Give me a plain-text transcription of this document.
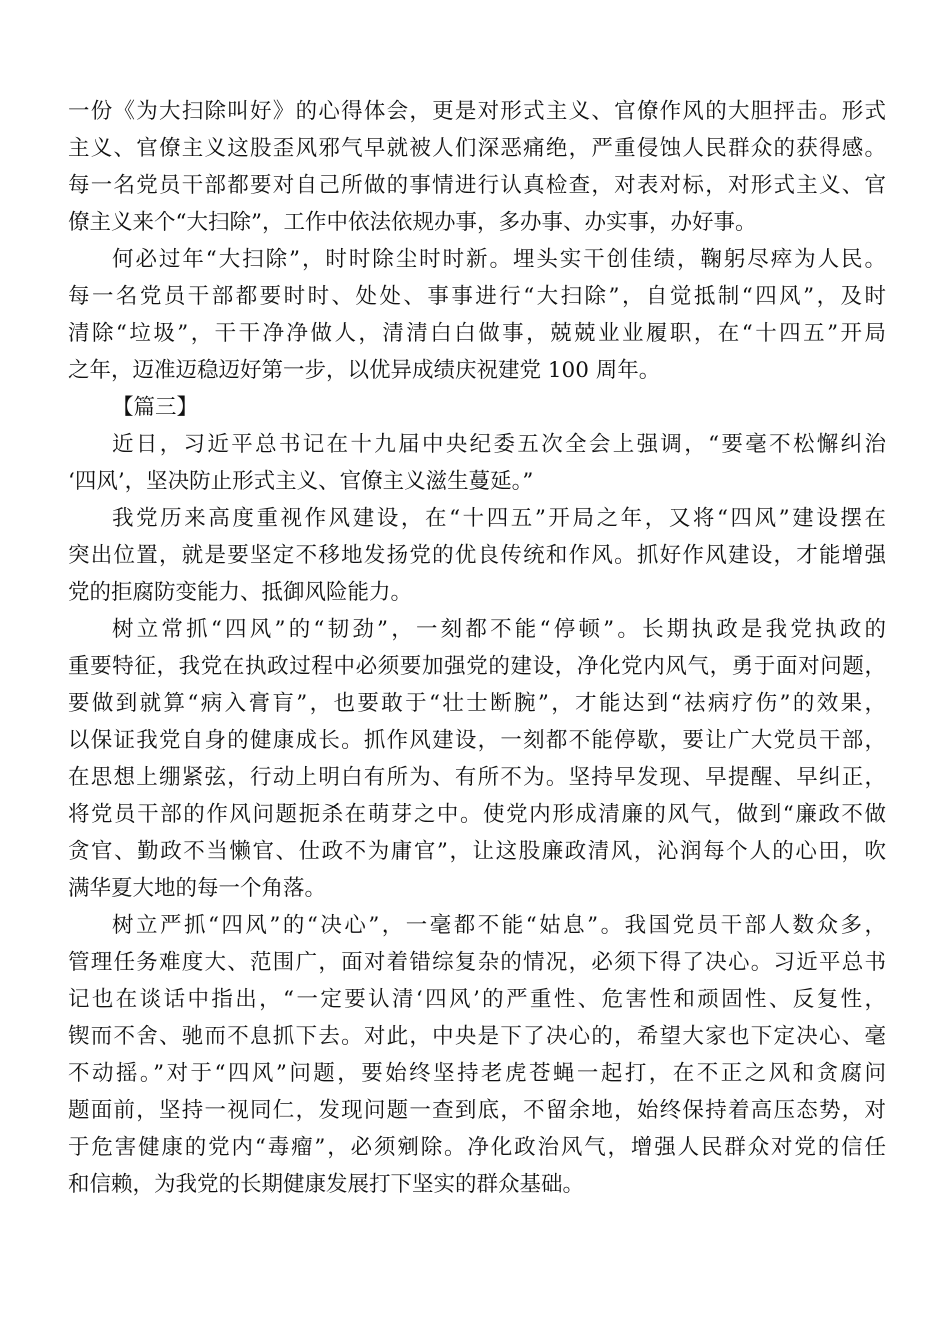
一份《为大扫除叫好》的心得体会，更是对形式主义、官僚作风的大胆抨击。形式
主义、官僚主义这股歪风邪气早就被人们深恶痛绝，严重侵蚀人民群众的获得感。
每一名党员干部都要对自己所做的事情进行认真检查，对表对标，对形式主义、官
僚主义来个“大扫除”，工作中依法依规办事，多办事、办实事，办好事。
何必过年“大扫除”，时时除尘时时新。埋头实干创佳绩，鞠躬尽瘁为人民。
每一名党员干部都要时时、处处、事事进行“大扫除”，自觉抵制“四风”，及时
清除“垃圾”，干干净净做人，清清白白做事，兢兢业业履职，在“十四五”开局
之年，迈准迈稳迈好第一步，以优异成绩庆祝建党 100 周年。
【篇三】
近日，习近平总书记在十九届中央纪委五次全会上强调，“要毫不松懈纠治
‘四风’，坚决防止形式主义、官僚主义滋生蔓延。”
我党历来高度重视作风建设，在“十四五”开局之年，又将“四风”建设摆在
突出位置，就是要坚定不移地发扬党的优良传统和作风。抓好作风建设，才能增强
党的拒腐防变能力、抵御风险能力。
树立常抓“四风”的“韧劲”，一刻都不能“停顿”。长期执政是我党执政的
重要特征，我党在执政过程中必须要加强党的建设，净化党内风气，勇于面对问题，
要做到就算“病入膏肓”，也要敢于“壮士断腕”，才能达到“祛病疗伤”的效果，
以保证我党自身的健康成长。抓作风建设，一刻都不能停歇，要让广大党员干部，
在思想上绷紧弦，行动上明白有所为、有所不为。坚持早发现、早提醒、早纠正，
将党员干部的作风问题扼杀在萌芽之中。使党内形成清廉的风气，做到“廉政不做
贪官、勤政不当懒官、仕政不为庸官”，让这股廉政清风，沁润每个人的心田，吹
满华夏大地的每一个角落。
树立严抓“四风”的“决心”，一毫都不能“姑息”。我国党员干部人数众多，
管理任务难度大、范围广，面对着错综复杂的情况，必须下得了决心。习近平总书
记也在谈话中指出，“一定要认清‘四风’的严重性、危害性和顽固性、反复性，
锲而不舍、驰而不息抓下去。对此，中央是下了决心的，希望大家也下定决心、毫
不动摇。”对于“四风”问题，要始终坚持老虎苍蝇一起打，在不正之风和贪腐问
题面前，坚持一视同仁，发现问题一查到底，不留余地，始终保持着高压态势，对
于危害健康的党内“毒瘤”，必须剜除。净化政治风气，增强人民群众对党的信任
和信赖，为我党的长期健康发展打下坚实的群众基础。
